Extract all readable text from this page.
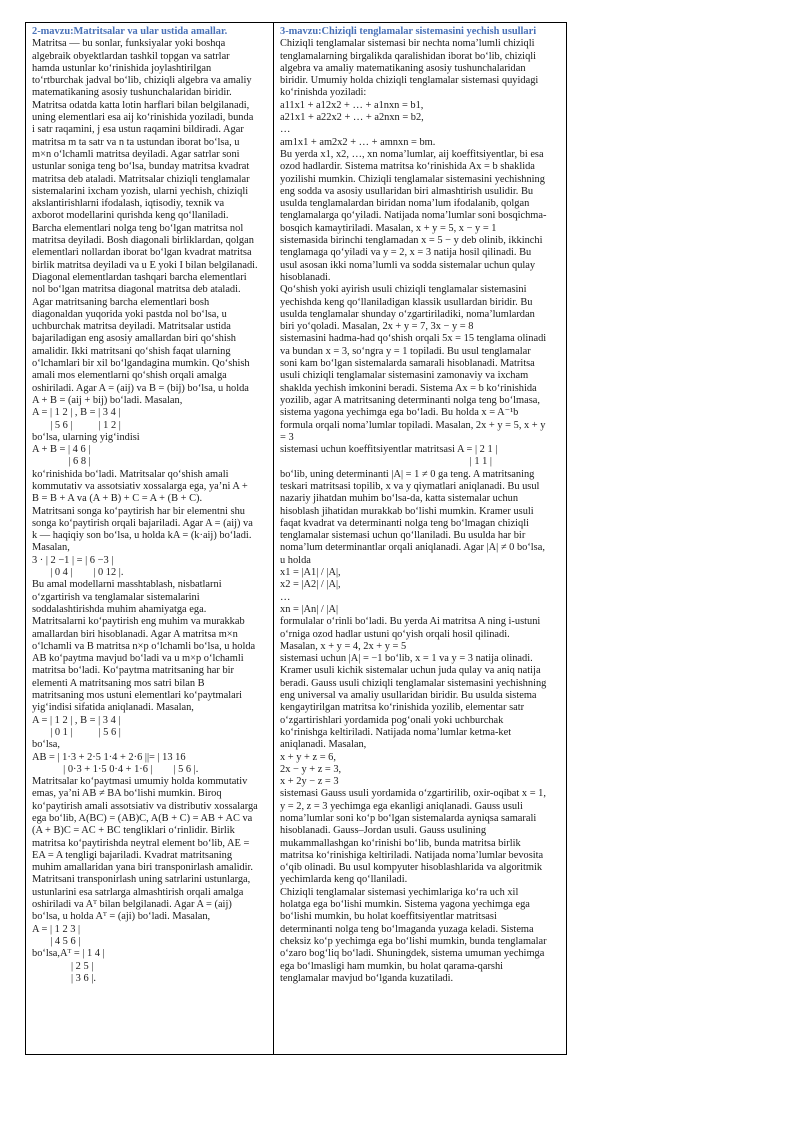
2-mavzu:Matritsalar va ular ustida amallar.

Matritsa — bu sonlar, funksiyalar yoki boshqa

algebraik obyektlardan tashkil topgan va satrlar

hamda ustunlar koʻrinishida joylashtirilgan

toʻrtburchak jadval boʻlib, chiziqli algebra va amaliy

matematikaning asosiy tushunchalaridan biridir.

Matritsa odatda katta lotin harflari bilan belgilanadi,

uning elementlari esa aij koʻrinishida yoziladi, bunda

i satr raqamini, j esa ustun raqamini bildiradi. Agar

matritsa m ta satr va n ta ustundan iborat boʻlsa, u

m×n oʻlchamli matritsa deyiladi. Agar satrlar soni

ustunlar soniga teng boʻlsa, bunday matritsa kvadrat

matritsa deb ataladi. Matritsalar chiziqli tenglamalar

sistemalarini ixcham yozish, ularni yechish, chiziqli

akslantirishlarni ifodalash, iqtisodiy, texnik va

axborot modellarini qurishda keng qoʻllaniladi.

Barcha elementlari nolga teng boʻlgan matritsa nol

matritsa deyiladi. Bosh diagonali birliklardan, qolgan

elementlari nollardan iborat boʻlgan kvadrat matritsa

birlik matritsa deyiladi va u E yoki I bilan belgilanadi.

Diagonal elementlardan tashqari barcha elementlari

nol boʻlgan matritsa diagonal matritsa deb ataladi.

Agar matritsaning barcha elementlari bosh

diagonaldan yuqorida yoki pastda nol boʻlsa, u

uchburchak matritsa deyiladi. Matritsalar ustida

bajariladigan eng asosiy amallardan biri qoʻshish

amalidir. Ikki matritsani qoʻshish faqat ularning

oʻlchamlari bir xil boʻlgandagina mumkin. Qoʻshish

amali mos elementlarni qoʻshish orqali amalga

oshiriladi. Agar A = (aij) va B = (bij) boʻlsa, u holda

A + B = (aij + bij) boʻladi. Masalan,

A = | 1 2 | , B = | 3 4 |

| 5 6 |          | 1 2 |

boʻlsa, ularning yigʻindisi

A + B = | 4 6 |

| 6 8 |

koʻrinishida boʻladi. Matritsalar qoʻshish amali

kommutativ va assotsiativ xossalarga ega, yaʼni A +

B = B + A va (A + B) + C = A + (B + C).

Matritsani songa koʻpaytirish har bir elementni shu

songa koʻpaytirish orqali bajariladi. Agar A = (aij) va

k — haqiqiy son boʻlsa, u holda kA = (k·aij) boʻladi.

Masalan,

3 · | 2 −1 | = | 6 −3 |

| 0 4 |        | 0 12 |.

Bu amal modellarni masshtablash, nisbatlarni

oʻzgartirish va tenglamalar sistemalarini

soddalashtirishda muhim ahamiyatga ega.

Matritsalarni koʻpaytirish eng muhim va murakkab

amallardan biri hisoblanadi. Agar A matritsa m×n

oʻlchamli va B matritsa n×p oʻlchamli boʻlsa, u holda

AB koʻpaytma mavjud boʻladi va u m×p oʻlchamli

matritsa boʻladi. Koʻpaytma matritsaning har bir

elementi A matritsaning mos satri bilan B

matritsaning mos ustuni elementlari koʻpaytmalari

yigʻindisi sifatida aniqlanadi. Masalan,

A = | 1 2 | , B = | 3 4 |

| 0 1 |          | 5 6 |

boʻlsa,

AB = | 1·3 + 2·5 1·4 + 2·6 ||= | 13 16

| 0·3 + 1·5 0·4 + 1·6 |        | 5 6 |.

Matritsalar koʻpaytmasi umumiy holda kommutativ

emas, yaʼni AB ≠ BA boʻlishi mumkin. Biroq

koʻpaytirish amali assotsiativ va distributiv xossalarga

ega boʻlib, A(BC) = (AB)C, A(B + C) = AB + AC va

(A + B)C = AC + BC tengliklari oʻrinlidir. Birlik

matritsa koʻpaytirishda neytral element boʻlib, AE =

EA = A tengligi bajariladi. Kvadrat matritsaning

muhim amallaridan yana biri transponirlash amalidir.

Matritsani transponirlash uning satrlarini ustunlarga,

ustunlarini esa satrlarga almashtirish orqali amalga

oshiriladi va Aᵀ bilan belgilanadi. Agar A = (aij)

boʻlsa, u holda Aᵀ = (aji) boʻladi. Masalan,

A = | 1 2 3 |

| 4 5 6 |

boʻlsa,Aᵀ = | 1 4 |

| 2 5 |

| 3 6 |.

3-mavzu:Chiziqli tenglamalar sistemasini yechish usullari

Chiziqli tenglamalar sistemasi bir nechta nomaʼlumli chiziqli

tenglamalarning birgalikda qaralishidan iborat boʻlib, chiziqli

algebra va amaliy matematikaning asosiy tushunchalaridan

biridir. Umumiy holda chiziqli tenglamalar sistemasi quyidagi

koʻrinishda yoziladi:

a11x1 + a12x2 + … + a1nxn = b1,

a21x1 + a22x2 + … + a2nxn = b2,

…

am1x1 + am2x2 + … + amnxn = bm.

Bu yerda x1, x2, …, xn nomaʼlumlar, aij koeffitsiyentlar, bi esa

ozod hadlardir. Sistema matritsa koʻrinishida Ax = b shaklida

yozilishi mumkin. Chiziqli tenglamalar sistemasini yechishning

eng sodda va asosiy usullaridan biri almashtirish usulidir. Bu

usulda tenglamalardan biridan nomaʼlum ifodalanib, qolgan

tenglamalarga qoʻyiladi. Natijada nomaʼlumlar soni bosqichma-

bosqich kamaytiriladi. Masalan, x + y = 5, x − y = 1

sistemasida birinchi tenglamadan x = 5 − y deb olinib, ikkinchi

tenglamaga qoʻyiladi va y = 2, x = 3 natija hosil qilinadi. Bu

usul asosan ikki nomaʼlumli va sodda sistemalar uchun qulay

hisoblanadi.

Qoʻshish yoki ayirish usuli chiziqli tenglamalar sistemasini

yechishda keng qoʻllaniladigan klassik usullardan biridir. Bu

usulda tenglamalar shunday oʻzgartiriladiki, nomaʼlumlardan

biri yoʻqoladi. Masalan, 2x + y = 7, 3x − y = 8

sistemasini hadma-had qoʻshish orqali 5x = 15 tenglama olinadi

va bundan x = 3, soʻngra y = 1 topiladi. Bu usul tenglamalar

soni kam boʻlgan sistemalarda samarali hisoblanadi. Matritsa

usuli chiziqli tenglamalar sistemasini zamonaviy va ixcham

shaklda yechish imkonini beradi. Sistema Ax = b koʻrinishida

yozilib, agar A matritsaning determinanti nolga teng boʻlmasa,

sistema yagona yechimga ega boʻladi. Bu holda x = A⁻¹b

formula orqali nomaʼlumlar topiladi. Masalan, 2x + y = 5, x + y

= 3

sistemasi uchun koeffitsiyentlar matritsasi A = | 2 1 |

| 1 1 |

boʻlib, uning determinanti |A| = 1 ≠ 0 ga teng. A matritsaning

teskari matritsasi topilib, x va y qiymatlari aniqlanadi. Bu usul

nazariy jihatdan muhim boʻlsa-da, katta sistemalar uchun

hisoblash jihatidan murakkab boʻlishi mumkin. Kramer usuli

faqat kvadrat va determinanti nolga teng boʻlmagan chiziqli

tenglamalar sistemasi uchun qoʻllaniladi. Bu usulda har bir

nomaʼlum determinantlar orqali aniqlanadi. Agar |A| ≠ 0 boʻlsa,

u holda

x1 = |A1| / |A|,

x2 = |A2| / |A|,

…

xn = |An| / |A|

formulalar oʻrinli boʻladi. Bu yerda Ai matritsa A ning i-ustuni

oʻrniga ozod hadlar ustuni qoʻyish orqali hosil qilinadi.

Masalan, x + y = 4, 2x + y = 5

sistemasi uchun |A| = −1 boʻlib, x = 1 va y = 3 natija olinadi.

Kramer usuli kichik sistemalar uchun juda qulay va aniq natija

beradi. Gauss usuli chiziqli tenglamalar sistemasini yechishning

eng universal va amaliy usullaridan biridir. Bu usulda sistema

kengaytirilgan matritsa koʻrinishida yozilib, elementar satr

oʻzgartirishlari yordamida pogʻonali yoki uchburchak

koʻrinishga keltiriladi. Natijada nomaʼlumlar ketma-ket

aniqlanadi. Masalan,

x + y + z = 6,

2x − y + z = 3,

x + 2y − z = 3

sistemasi Gauss usuli yordamida oʻzgartirilib, oxir-oqibat x = 1,

y = 2, z = 3 yechimga ega ekanligi aniqlanadi. Gauss usuli

nomaʼlumlar soni koʻp boʻlgan sistemalarda ayniqsa samarali

hisoblanadi. Gauss–Jordan usuli. Gauss usulining

mukammallashgan koʻrinishi boʻlib, bunda matritsa birlik

matritsa koʻrinishiga keltiriladi. Natijada nomaʼlumlar bevosita

oʻqib olinadi. Bu usul kompyuter hisoblashlarida va algoritmik

yechimlarda keng qoʻllaniladi.

Chiziqli tenglamalar sistemasi yechimlariga koʻra uch xil

holatga ega boʻlishi mumkin. Sistema yagona yechimga ega

boʻlishi mumkin, bu holat koeffitsiyentlar matritsasi

determinanti nolga teng boʻlmaganda yuzaga keladi. Sistema

cheksiz koʻp yechimga ega boʻlishi mumkin, bunda tenglamalar

oʻzaro bogʻliq boʻladi. Shuningdek, sistema umuman yechimga

ega boʻlmasligi ham mumkin, bu holat qarama-qarshi

tenglamalar mavjud boʻlganda kuzatiladi.
